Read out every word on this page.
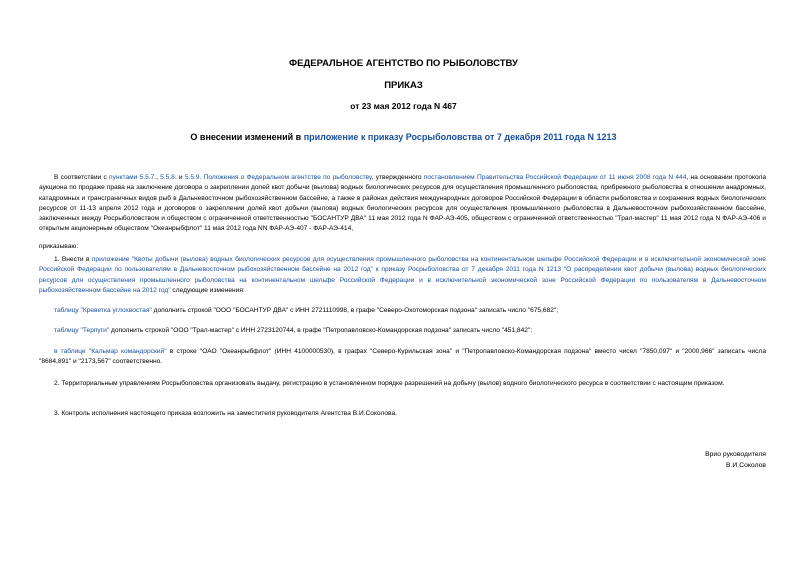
ФЕДЕРАЛЬНОЕ АГЕНТСТВО ПО РЫБОЛОВСТВУ
ПРИКАЗ
от 23 мая 2012 года N 467
О внесении изменений в приложение к приказу Росрыболовства от 7 декабря 2011 года N 1213
В соответствии с пунктами 5.5.7., 5.5.8. и 5.5.9. Положения о Федеральном агентстве по рыболовству, утвержденного постановлением Правительства Российской Федерации от 11 июня 2008 года N 444, на основании протокола аукциона по продаже права на заключение договора о закреплении долей квот добычи (вылова) водных биологических ресурсов для осуществления промышленного рыболовства, прибрежного рыболовства в отношении анадромных, катадромных и трансграничных видов рыб в Дальневосточном рыбохозяйственном бассейне, а также в районах действия международных договоров Российской Федерации в области рыболовства и сохранения водных биологических ресурсов от 11-13 апреля 2012 года и договоров о закреплении долей квот добычи (вылова) водных биологических ресурсов для осуществления промышленного рыболовства в Дальневосточном рыбохозяйственном бассейне, заключенных между Росрыболовством и обществом с ограниченной ответственностью "БОСАНТУР ДВА" 11 мая 2012 года N ФАР-АЭ-405, обществом с ограниченной ответственностью "Трал-мастер" 11 мая 2012 года N ФАР-АЭ-406 и открытым акционерным обществом "Океанрыбфлот" 11 мая 2012 года NN ФАР-АЭ-407 - ФАР-АЭ-414,
приказываю:
1. Внести в приложение "Квоты добычи (вылова) водных биологических ресурсов для осуществления промышленного рыболовства на континентальном шельфе Российской Федерации и в исключительной экономической зоне Российской Федерации по пользователям в Дальневосточном рыбохозяйственном бассейне на 2012 год" к приказу Росрыболовства от 7 декабря 2011 года N 1213 "О распределении квот добычи (вылова) водных биологических ресурсов для осуществления промышленного рыболовства на континентальном шельфе Российской Федерации и в исключительной экономической зоне Российской Федерации по пользователям в Дальневосточном рыбохозяйственном бассейне на 2012 год" следующие изменения:
таблицу "Креветка углохвостая" дополнить строкой "ООО "БОСАНТУР ДВА" с ИНН 2721110998, в графе "Северо-Охотоморская подзона" записать число "675,682";
таблицу "Терпуги" дополнить строкой "ООО "Трал-мастер" с ИНН 2723120744, в графе "Петропавловско-Командорская подзона" записать число "451,842";
в таблице "Кальмар командорский" в строке "ОАО "Океанрыбфлот" (ИНН 4100000530), в графах "Северо-Курильская зона" и "Петропавловско-Командорская подзона" вместо чисел "7850,097" и "2000,966" записать числа "8684,891" и "2173,567" соответственно.
2. Территориальным управлениям Росрыболовства организовать выдачу, регистрацию в установленном порядке разрешений на добычу (вылов) водного биологического ресурса в соответствии с настоящим приказом.
3. Контроль исполнения настоящего приказа возложить на заместителя руководителя Агентства В.И.Соколова.
Врио руководителя
В.И.Соколов
